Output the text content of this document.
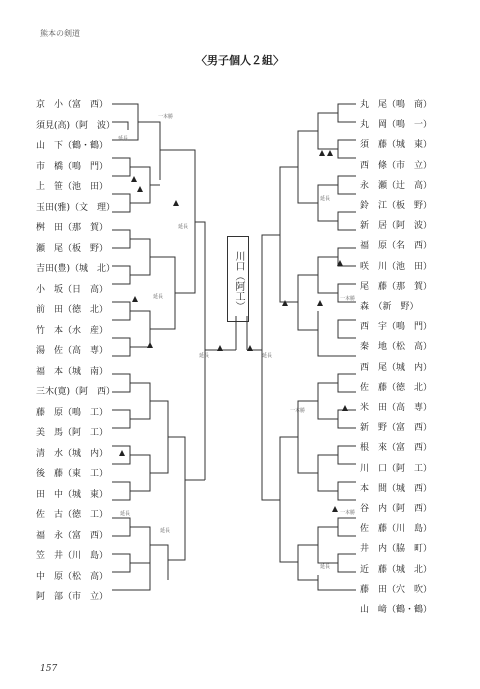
熊本の剣道
〈男子個人２組〉
京　小（富　西）
須見(高)（阿　波）
山　下（鶴・鶴）
市　橋（鳴　門）
上　笹（池　田）
玉田(雅)（文　理）
桝　田（那　賀）
瀬　尾（板　野）
吉田(豊)（城　北）
小　坂（日　高）
前　田（徳　北）
竹　本（水　産）
湯　佐（高　専）
福　本（城　南）
三木(寛)（阿　西）
藤　原（鳴　工）
美　馬（阿　工）
清　水（城　内）
後　藤（東　工）
田　中（城　東）
佐　古（徳　工）
福　永（富　西）
笠　井（川　島）
中　原（松　高）
阿　部（市　立）
丸　尾（鳴　商）
丸　岡（鳴　一）
須　藤（城　東）
西　條（市　立）
永　瀬（辻　高）
鈴　江（板　野）
新　居（阿　波）
福　原（名　西）
咲　川（池　田）
尾　藤（那　賀）
森　（新　野）
西　宇（鳴　門）
秦　地（松　高）
西　尾（城　内）
佐　藤（徳　北）
米　田（高　専）
新　野（富　西）
根　來（富　西）
川　口（阿　工）
本　間（城　西）
谷　内（阿　西）
佐　藤（川　島）
井　内（脇　町）
近　藤（城　北）
藤　田（穴　吹）
山　﨑（鶴・鶴）
川口（阿工）
一本勝
延長
延長
延長
延長	延長
延長
一本勝
一本勝
一本勝
延長
延長
延長
157
